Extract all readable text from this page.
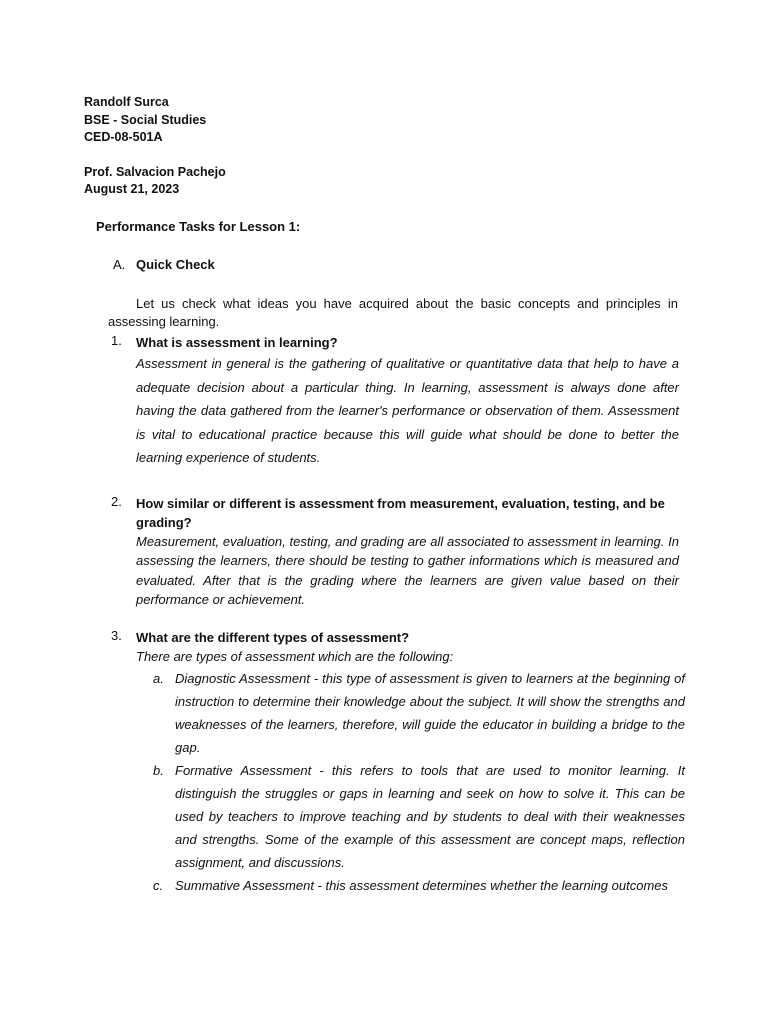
Randolf Surca
BSE - Social Studies
CED-08-501A
Prof. Salvacion Pachejo
August 21, 2023
Performance Tasks for Lesson 1:
A. Quick Check
Let us check what ideas you have acquired about the basic concepts and principles in assessing learning.
1. What is assessment in learning?
Assessment in general is the gathering of qualitative or quantitative data that help to have a adequate decision about a particular thing. In learning, assessment is always done after having the data gathered from the learner's performance or observation of them. Assessment is vital to educational practice because this will guide what should be done to better the learning experience of students.
2. How similar or different is assessment from measurement, evaluation, testing, and be grading?
Measurement, evaluation, testing, and grading are all associated to assessment in learning. In assessing the learners, there should be testing to gather informations which is measured and evaluated. After that is the grading where the learners are given value based on their performance or achievement.
3. What are the different types of assessment?
There are types of assessment which are the following:
a. Diagnostic Assessment - this type of assessment is given to learners at the beginning of instruction to determine their knowledge about the subject. It will show the strengths and weaknesses of the learners, therefore, will guide the educator in building a bridge to the gap.
b. Formative Assessment - this refers to tools that are used to monitor learning. It distinguish the struggles or gaps in learning and seek on how to solve it. This can be used by teachers to improve teaching and by students to deal with their weaknesses and strengths. Some of the example of this assessment are concept maps, reflection assignment, and discussions.
c. Summative Assessment - this assessment determines whether the learning outcomes
